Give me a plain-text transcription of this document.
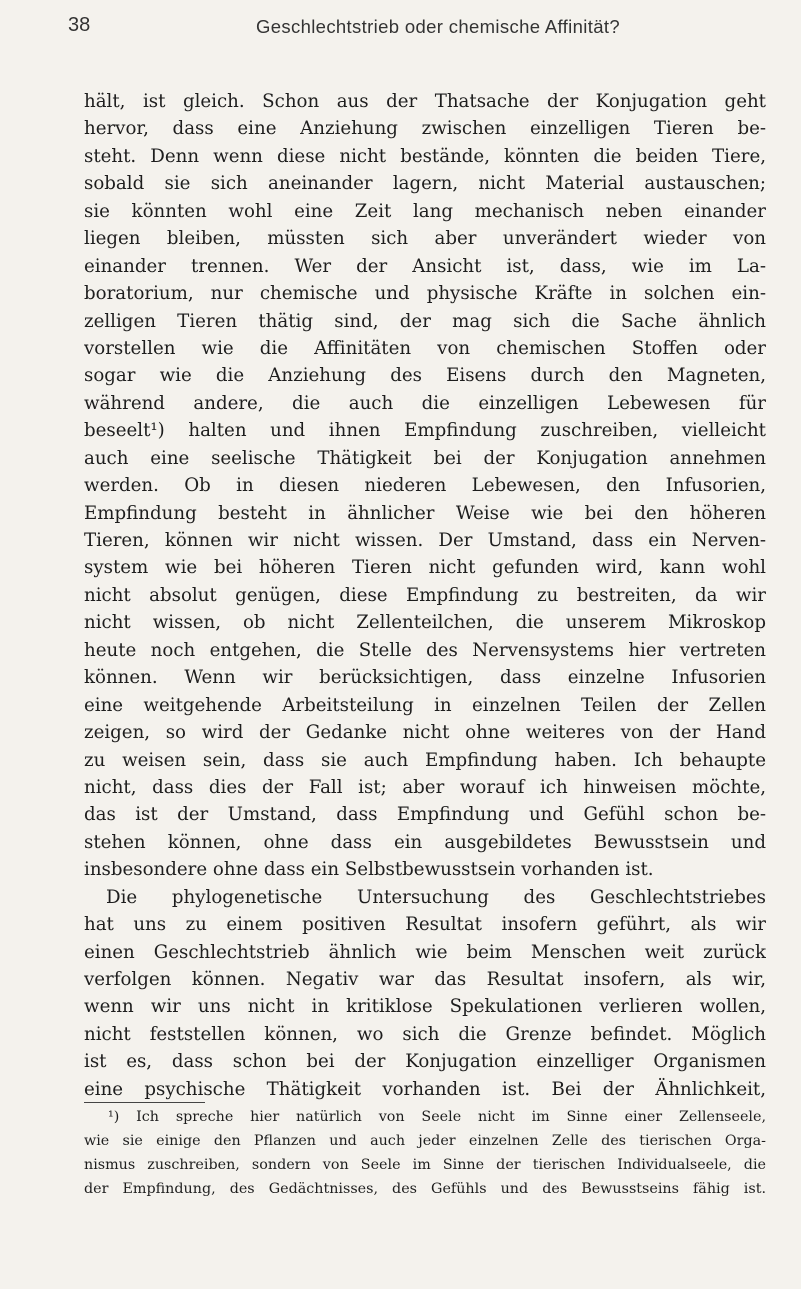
38	Geschlechtstrieb oder chemische Affinität?
hält, ist gleich. Schon aus der Thatsache der Konjugation geht
hervor, dass eine Anziehung zwischen einzelligen Tieren be-
steht. Denn wenn diese nicht bestände, könnten die beiden Tiere,
sobald sie sich aneinander lagern, nicht Material austauschen;
sie könnten wohl eine Zeit lang mechanisch neben einander
liegen bleiben, müssten sich aber unverändert wieder von
einander trennen. Wer der Ansicht ist, dass, wie im La-
boratorium, nur chemische und physische Kräfte in solchen ein-
zelligen Tieren thätig sind, der mag sich die Sache ähnlich
vorstellen wie die Affinitäten von chemischen Stoffen oder
sogar wie die Anziehung des Eisens durch den Magneten,
während andere, die auch die einzelligen Lebewesen für
beseelt¹) halten und ihnen Empfindung zuschreiben, vielleicht
auch eine seelische Thätigkeit bei der Konjugation annehmen
werden. Ob in diesen niederen Lebewesen, den Infusorien,
Empfindung besteht in ähnlicher Weise wie bei den höheren
Tieren, können wir nicht wissen. Der Umstand, dass ein Nerven-
system wie bei höheren Tieren nicht gefunden wird, kann wohl
nicht absolut genügen, diese Empfindung zu bestreiten, da wir
nicht wissen, ob nicht Zellenteilchen, die unserem Mikroskop
heute noch entgehen, die Stelle des Nervensystems hier vertreten
können. Wenn wir berücksichtigen, dass einzelne Infusorien
eine weitgehende Arbeitsteilung in einzelnen Teilen der Zellen
zeigen, so wird der Gedanke nicht ohne weiteres von der Hand
zu weisen sein, dass sie auch Empfindung haben. Ich behaupte
nicht, dass dies der Fall ist; aber worauf ich hinweisen möchte,
das ist der Umstand, dass Empfindung und Gefühl schon be-
stehen können, ohne dass ein ausgebildetes Bewusstsein und
insbesondere ohne dass ein Selbstbewusstsein vorhanden ist.
Die phylogenetische Untersuchung des Geschlechtstriebes
hat uns zu einem positiven Resultat insofern geführt, als wir
einen Geschlechtstrieb ähnlich wie beim Menschen weit zurück
verfolgen können. Negativ war das Resultat insofern, als wir,
wenn wir uns nicht in kritiklose Spekulationen verlieren wollen,
nicht feststellen können, wo sich die Grenze befindet. Möglich
ist es, dass schon bei der Konjugation einzelliger Organismen
eine psychische Thätigkeit vorhanden ist. Bei der Ähnlichkeit,
¹) Ich spreche hier natürlich von Seele nicht im Sinne einer Zellenseele,
wie sie einige den Pflanzen und auch jeder einzelnen Zelle des tierischen Orga-
nismus zuschreiben, sondern von Seele im Sinne der tierischen Individualseele, die
der Empfindung, des Gedächtnisses, des Gefühls und des Bewusstseins fähig ist.
